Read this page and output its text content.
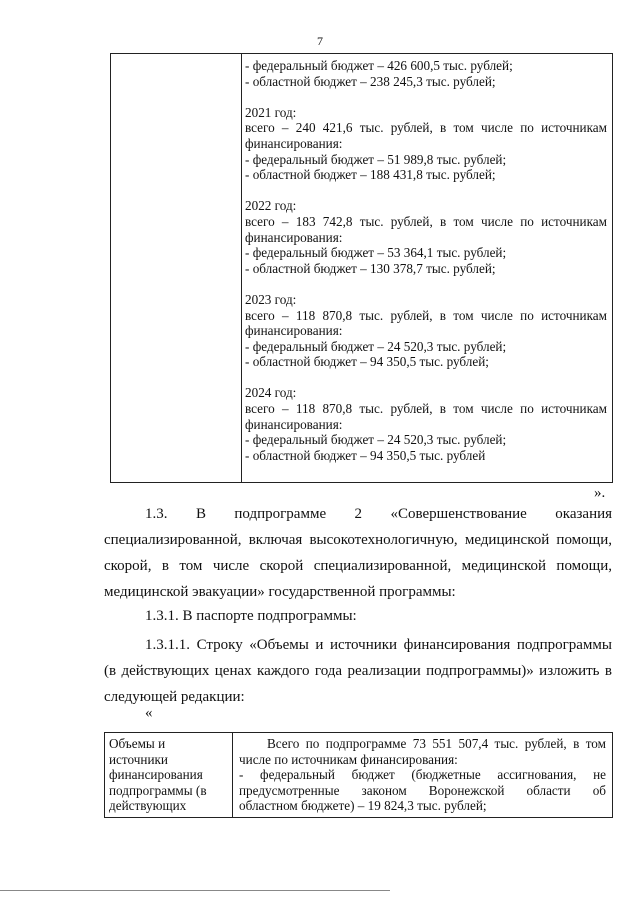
7
- федеральный бюджет – 426 600,5 тыс. рублей;
- областной бюджет – 238 245,3 тыс. рублей;
2021 год:
всего – 240 421,6 тыс. рублей, в том числе по источникам
финансирования:
- федеральный бюджет – 51 989,8 тыс. рублей;
- областной бюджет – 188 431,8 тыс. рублей;
2022 год:
всего – 183 742,8 тыс. рублей, в том числе по источникам
финансирования:
- федеральный бюджет – 53 364,1 тыс. рублей;
- областной бюджет – 130 378,7 тыс. рублей;
2023 год:
всего – 118 870,8 тыс. рублей, в том числе по источникам
финансирования:
- федеральный бюджет – 24 520,3 тыс. рублей;
- областной бюджет – 94 350,5 тыс. рублей;
2024 год:
всего – 118 870,8 тыс. рублей, в том числе по источникам
финансирования:
- федеральный бюджет – 24 520,3 тыс. рублей;
- областной бюджет – 94 350,5 тыс. рублей
».
1.3. В подпрограмме 2 «Совершенствование оказания
специализированной, включая высокотехнологичную, медицинской помощи,
скорой, в том числе скорой специализированной, медицинской помощи,
медицинской эвакуации» государственной программы:
1.3.1. В паспорте подпрограммы:
1.3.1.1. Строку «Объемы и источники финансирования подпрограммы
(в действующих ценах каждого года реализации подпрограммы)» изложить в
следующей редакции:
«
Объемы и
источники
финансирования
подпрограммы (в
действующих
Всего по подпрограмме 73 551 507,4 тыс. рублей, в том
числе по источникам финансирования:
- федеральный бюджет (бюджетные ассигнования, не
предусмотренные законом Воронежской области об
областном бюджете) – 19 824,3 тыс. рублей;
